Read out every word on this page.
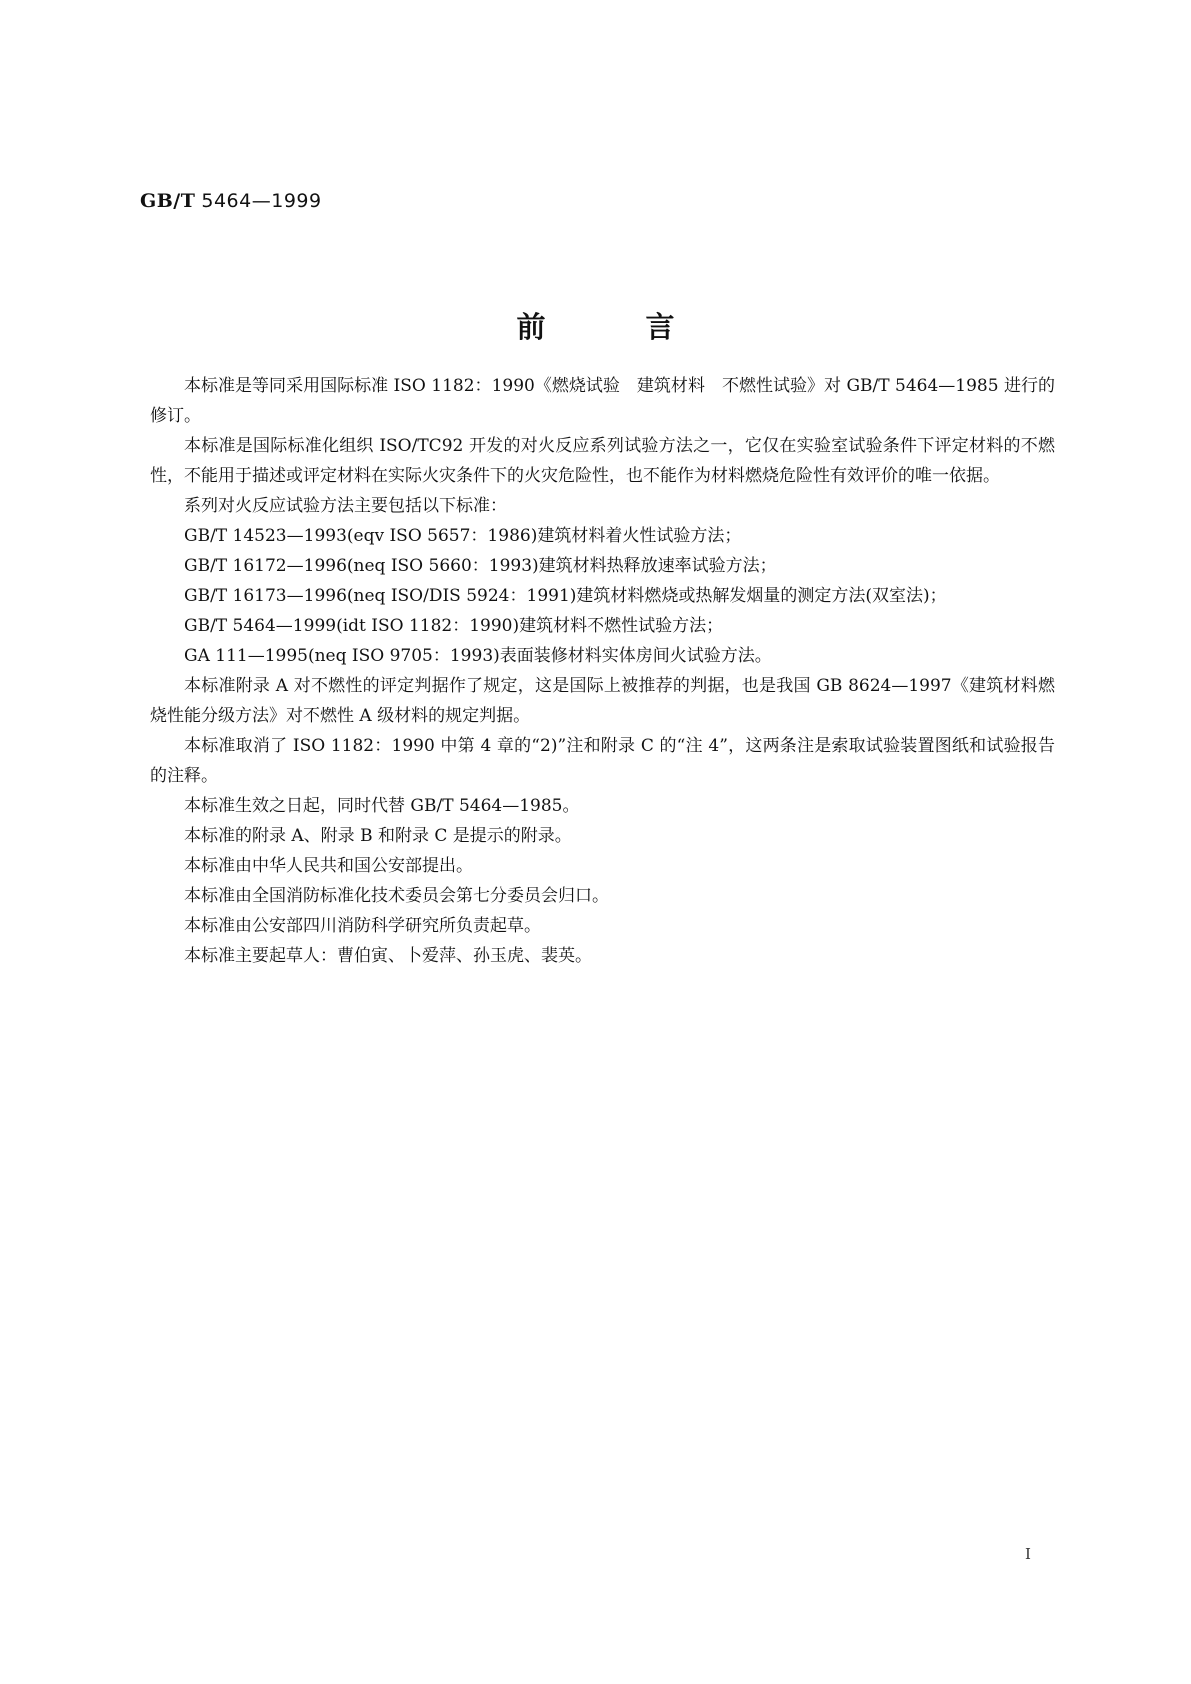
GB/T 5464—1999
前言

本标准是等同采用国际标准 ISO 1182：1990《燃烧试验　建筑材料　不燃性试验》对 GB/T 5464—1985 进行的修订。

本标准是国际标准化组织 ISO/TC92 开发的对火反应系列试验方法之一，它仅在实验室试验条件下评定材料的不燃性，不能用于描述或评定材料在实际火灾条件下的火灾危险性，也不能作为材料燃烧危险性有效评价的唯一依据。

系列对火反应试验方法主要包括以下标准：

GB/T 14523—1993(eqv ISO 5657：1986)建筑材料着火性试验方法；

GB/T 16172—1996(neq ISO 5660：1993)建筑材料热释放速率试验方法；

GB/T 16173—1996(neq ISO/DIS 5924：1991)建筑材料燃烧或热解发烟量的测定方法(双室法)；

GB/T 5464—1999(idt ISO 1182：1990)建筑材料不燃性试验方法；

GA 111—1995(neq ISO 9705：1993)表面装修材料实体房间火试验方法。

本标准附录 A 对不燃性的评定判据作了规定，这是国际上被推荐的判据，也是我国 GB 8624—1997《建筑材料燃烧性能分级方法》对不燃性 A 级材料的规定判据。

本标准取消了 ISO 1182：1990 中第 4 章的“2)”注和附录 C 的“注 4”，这两条注是索取试验装置图纸和试验报告的注释。

本标准生效之日起，同时代替 GB/T 5464—1985。

本标准的附录 A、附录 B 和附录 C 是提示的附录。

本标准由中华人民共和国公安部提出。

本标准由全国消防标准化技术委员会第七分委员会归口。

本标准由公安部四川消防科学研究所负责起草。

本标准主要起草人：曹伯寅、卜爱萍、孙玉虎、裴英。

I
